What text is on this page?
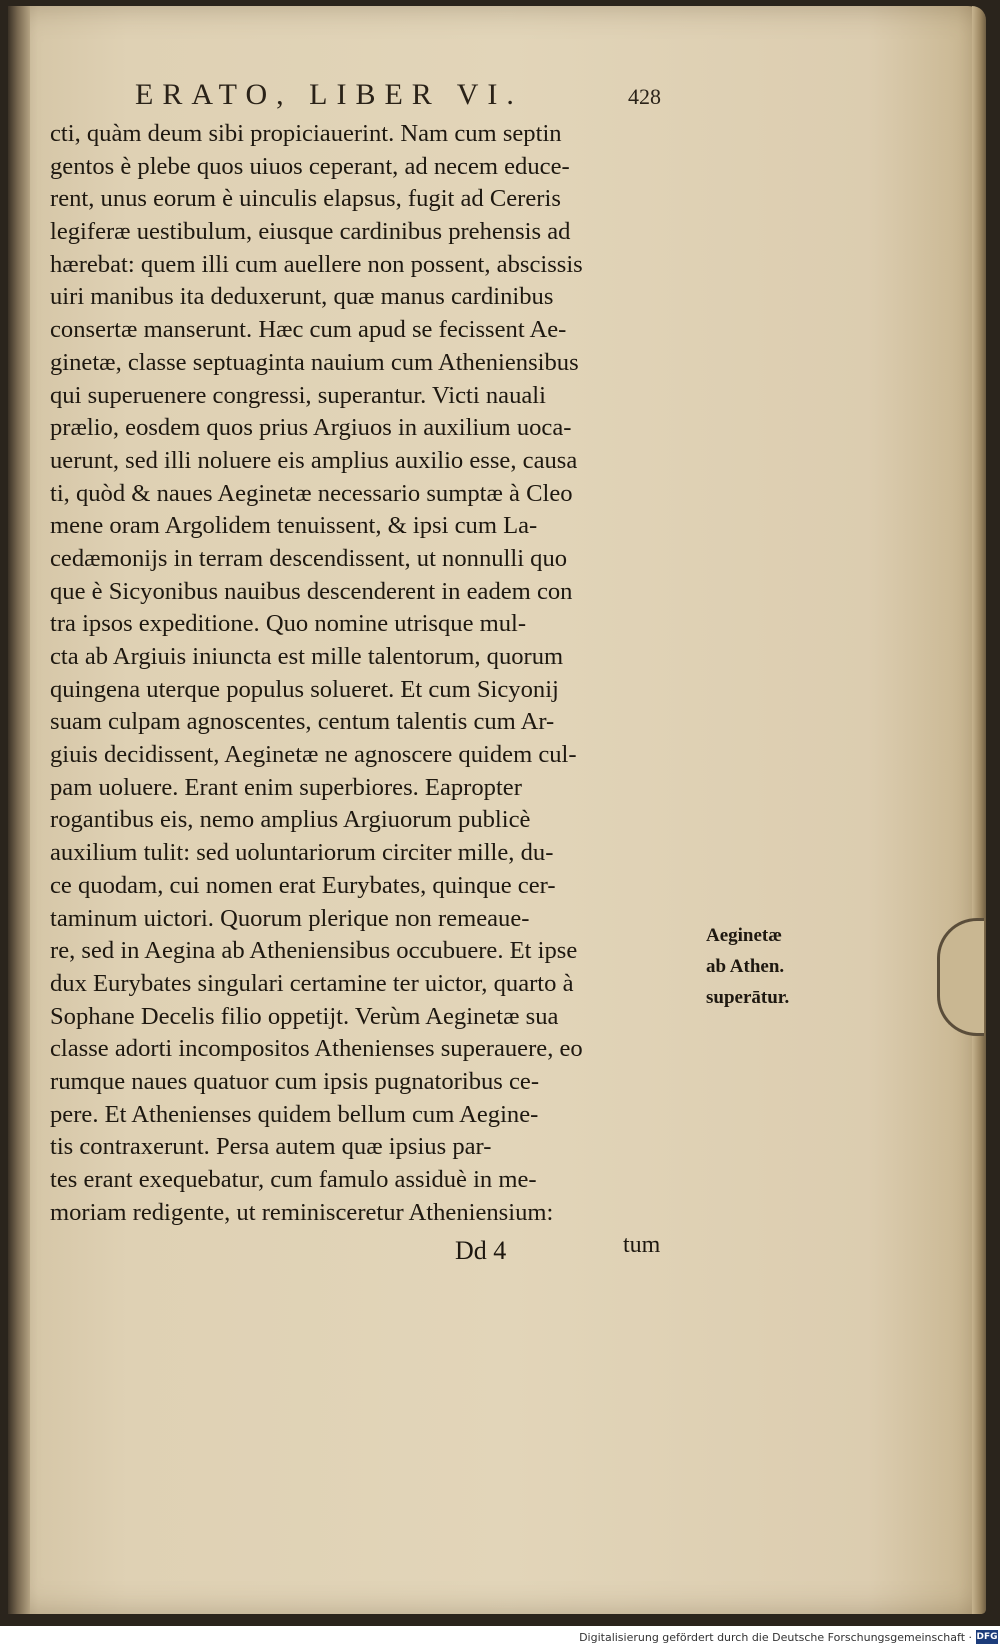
ERATO, LIBER VI.	428
cti, quàm deum sibi propiciauerint. Nam cum septin
gentos è plebe quos uiuos ceperant, ad necem educe-
rent, unus eorum è uinculis elapsus, fugit ad Cereris
legiferæ uestibulum, eiusque cardinibus prehensis ad
hærebat: quem illi cum auellere non possent, abscissis
uiri manibus ita deduxerunt, quæ manus cardinibus
consertæ manserunt. Hæc cum apud se fecissent Ae-
ginetæ, classe septuaginta nauium cum Atheniensibus
qui superuenere congressi, superantur. Victi nauali
prælio, eosdem quos prius Argiuos in auxilium uoca-
uerunt, sed illi noluere eis amplius auxilio esse, causa
ti, quòd & naues Aeginetæ necessario sumptæ à Cleo
mene oram Argolidem tenuissent, & ipsi cum La-
cedæmonijs in terram descendissent, ut nonnulli quo
que è Sicyonibus nauibus descenderent in eadem con
tra ipsos expeditione. Quo nomine utrisque mul-
cta ab Argiuis iniuncta est mille talentorum, quorum
quingena uterque populus solueret. Et cum Sicyonij
suam culpam agnoscentes, centum talentis cum Ar-
giuis decidissent, Aeginetæ ne agnoscere quidem cul-
pam uoluere. Erant enim superbiores. Eapropter
rogantibus eis, nemo amplius Argiuorum publicè
auxilium tulit: sed uoluntariorum circiter mille, du-
ce quodam, cui nomen erat Eurybates, quinque cer-
taminum uictori. Quorum plerique non remeaue-
re, sed in Aegina ab Atheniensibus occubuere. Et ipse
dux Eurybates singulari certamine ter uictor, quarto à
Sophane Decelis filio oppetijt. Verùm Aeginetæ sua
classe adorti incompositos Athenienses superauere, eo
rumque naues quatuor cum ipsis pugnatoribus ce-
pere. Et Athenienses quidem bellum cum Aegine-
tis contraxerunt. Persa autem quæ ipsius par-
tes erant exequebatur, cum famulo assiduè in me-
moriam redigente, ut reminisceretur Atheniensium:
Aeginetæ
ab Athen.
superātur.
Dd 4	tum
Digitalisierung gefördert durch die Deutsche Forschungsgemeinschaft · DFG
